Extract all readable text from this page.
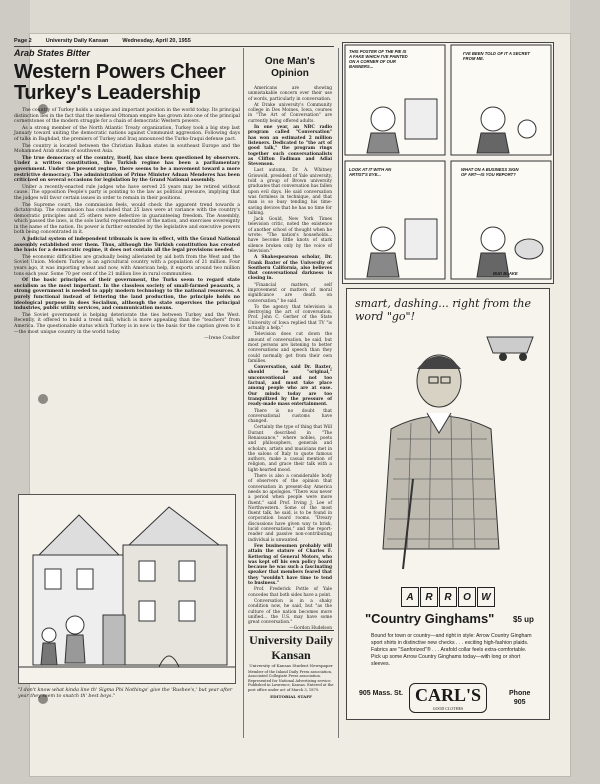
Page 2	University Daily Kansan	Wednesday, April 20, 1955
Arab States Bitter
Western Powers Cheer Turkey's Leadership

The country of Turkey holds a unique and important position in the world today. Its principal distinction lies in the fact that the medieval Ottoman empire has grown into one of the principal cornerstones of the modern struggle for a chain of democratic Western powers.

As a strong member of the North Atlantic Treaty organization, Turkey took a big step last January toward uniting the democratic nations against Communist aggression. Following days of talks in Baghdad, the premiers of Turkey and Iraq announced the Turko-Iraqui defense pact.

The country is located between the Christian Balkan states in southeast Europe and the Mohammed Arab states of southwest Asia.

The true democracy of the country, itself, has since been questioned by observers. Under a written constitution, the Turkish regime has been a parliamentary government. Under the present regime, there seems to be a movement toward a more restrictive democracy. The administration of Prime Minister Adnan Menderes has been criticized on several occasions for legislation by the Grand National assembly.

Under a recently-enacted rule judges who have served 25 years may be retired without cause. The opposition People's party is pointing to the law as political pressure, implying that the judges will favor certain issues in order to remain in their positions.

The Supreme court, the commission feels, would check the apparent trend towards a dictatorship. The commission has concluded that 25 laws were at variance with the country's democratic principles and 25 others were defective in guaranteeing freedom. The Assembly, which passed the laws, is the sole lawful representative of the nation, and exercises sovereignty in the name of the nation. Its power is further extended by the legislative and executive powers both being concentrated in it.

A judicial system of independent tribunals is now in effect, with the Grand National assembly established over them. Thus, although the Turkish constitution has created the basis for a democratic regime, it does not contain all the legal provisions needed.

The economic difficulties are gradually being alleviated by aid both from the West and the Soviet Union. Modern Turkey is an agricultural country with a population of 21 million. Four years ago, it was importing wheat and now, with American help, it exports around two million tons each year. Some 70 per cent of the 21 million live in rural communities.

Of the basic principles of their government, the Turks seem to regard state socialism as the most important. In the classless society of small-farmed peasants, a strong government is needed to apply modern technology to the national resources. A purely functional instead of fettering the land production, the principle holds no ideological purpose in does Socialism, although the state supervises the principal industries, public utility services, and communication means.

The Soviet government is helping deteriorate the ties between Turkey and the West. Recently, it offered to build a trend mill, which is more appealing than the "teachers" from America. The questionable status which Turkey is in now is the basis for the caption given to it—the most unique country in the world today.

—Irene Coulter

"I don't know what kinda line th' Sigma Phi Nothings' give the 'Rushee's,' but year after year they seem to snatch th' best boys."
One Man's Opinion

Americans are showing unmistakable concern over their use of words, particularly in conversation.

At Drake university's Community college in Des Moines, Iowa, courses in "The Art of Conversation" are currently being offered adults.

In one year, an NBC radio program called "Conversation" has won an estimated 2 million listeners. Dedicated to "the art of good talk," the program rings together such conversationalists as Clifton Fadiman and Adlai Stevenson.

Last autumn, Dr. A. Whitney Griswold, president of Yale university, told a group of Brown university graduates that conversation has fallen upon evil days. He said conversation was formless in technique, and that man is so busy tending his time-saving devices that he has no time for talking.

Jack Gould, New York Times television critic, noted the existence of another school of thought when he wrote: "The nation's households... have become little knots of stark silence broken only by the voice of television."

A Shakespearean scholar, Dr. Frank Baxter of the University of Southern California, also believes that conversational darkness is closing in.

"Financial matters, self improvement or matters of moral significance are death on conversation," he said.

To the agency that television is destroying the art of conversation, Prof. John C. Gerber of the State University of Iowa replied that TV "is actually a help."

Television does cut down the amount of conversation, he said, but most persons are listening to better conversations and speech than they could normally get from their own families.

Conversation, said Dr. Baxter, should be "original," unconventional and not too factual, and must take place among people who are at ease. Our minds today are too tranquilized by the pressure of ready-made mass entertainment.

There is no doubt that conversational customs have changed.

Certainly the type of thing that Will Durant described in "The Renaissance," where nobles, poets and philosophers, generals and scholars, artists and musicians met in the salons of Italy to quote famous authors, make a casual mention of religion, and grace their talk with a light-hearted mood.

There is also a considerable body of observers of the opinion that conversation in present-day America needs no apologies. "There was never a period when people were more fluent," said Prof. Irving J. Lee of Northwestern. Some of the most fluent talk, he said, is to be found in corporation board rooms. "Dreary discussions have given way to brisk, lucid conversations," and the report-reader and passive non-contributing individual is unwanted.

Few businessmen probably will attain the stature of Charles F. Kettering of General Motors, who was kept off his own policy board because he was such a fascinating speaker that members feared that they "wouldn't have time to tend to business."

Prof. Frederick Pottle of Yale concedes that both sides have a point.

Conversation is in a shaky condition now, he said, but "as the culture of the nation becomes more unified... the U.S. may have some great conversation."

—Gordon Hudelson

University Daily Kansan
University of Kansas Student Newspaper
Member of the Inland Daily Press association, Associated Collegiate Press association. Represented for National Advertising service. Published in Lawrence, Kansas. Entered at the post office under act of March 3, 1879.
EDITORIAL STAFF
THIS POSTER OF THE PIE IS A FAKE WHICH I'VE PAINTED ON A CORNER OF OUR BANNERS...
I'VE BEEN TOLD OF IT A SECRET FROM ME.
LOOK AT IT WITH AN ARTIST'S EYE...
WHAT ON A BUSINESS SIGN OF ART—IS YOU REPORT?
BUD BLAKE
smart, dashing... right from the word "go"!
A	R	R	O	W
"Country Ginghams" $5 up
Bound for town or country—and right in style: Arrow Country Gingham sport shirts in distinctive new checks . . . exciting high-fashion plaids. Fabrics are "Sanforized"® . . . Arafold collar feels extra-comfortable. Pick up some Arrow Country Ginghams today—with long or short sleeves.
905 Mass. St. CARL'S
GOOD CLOTHES
Phone
905
